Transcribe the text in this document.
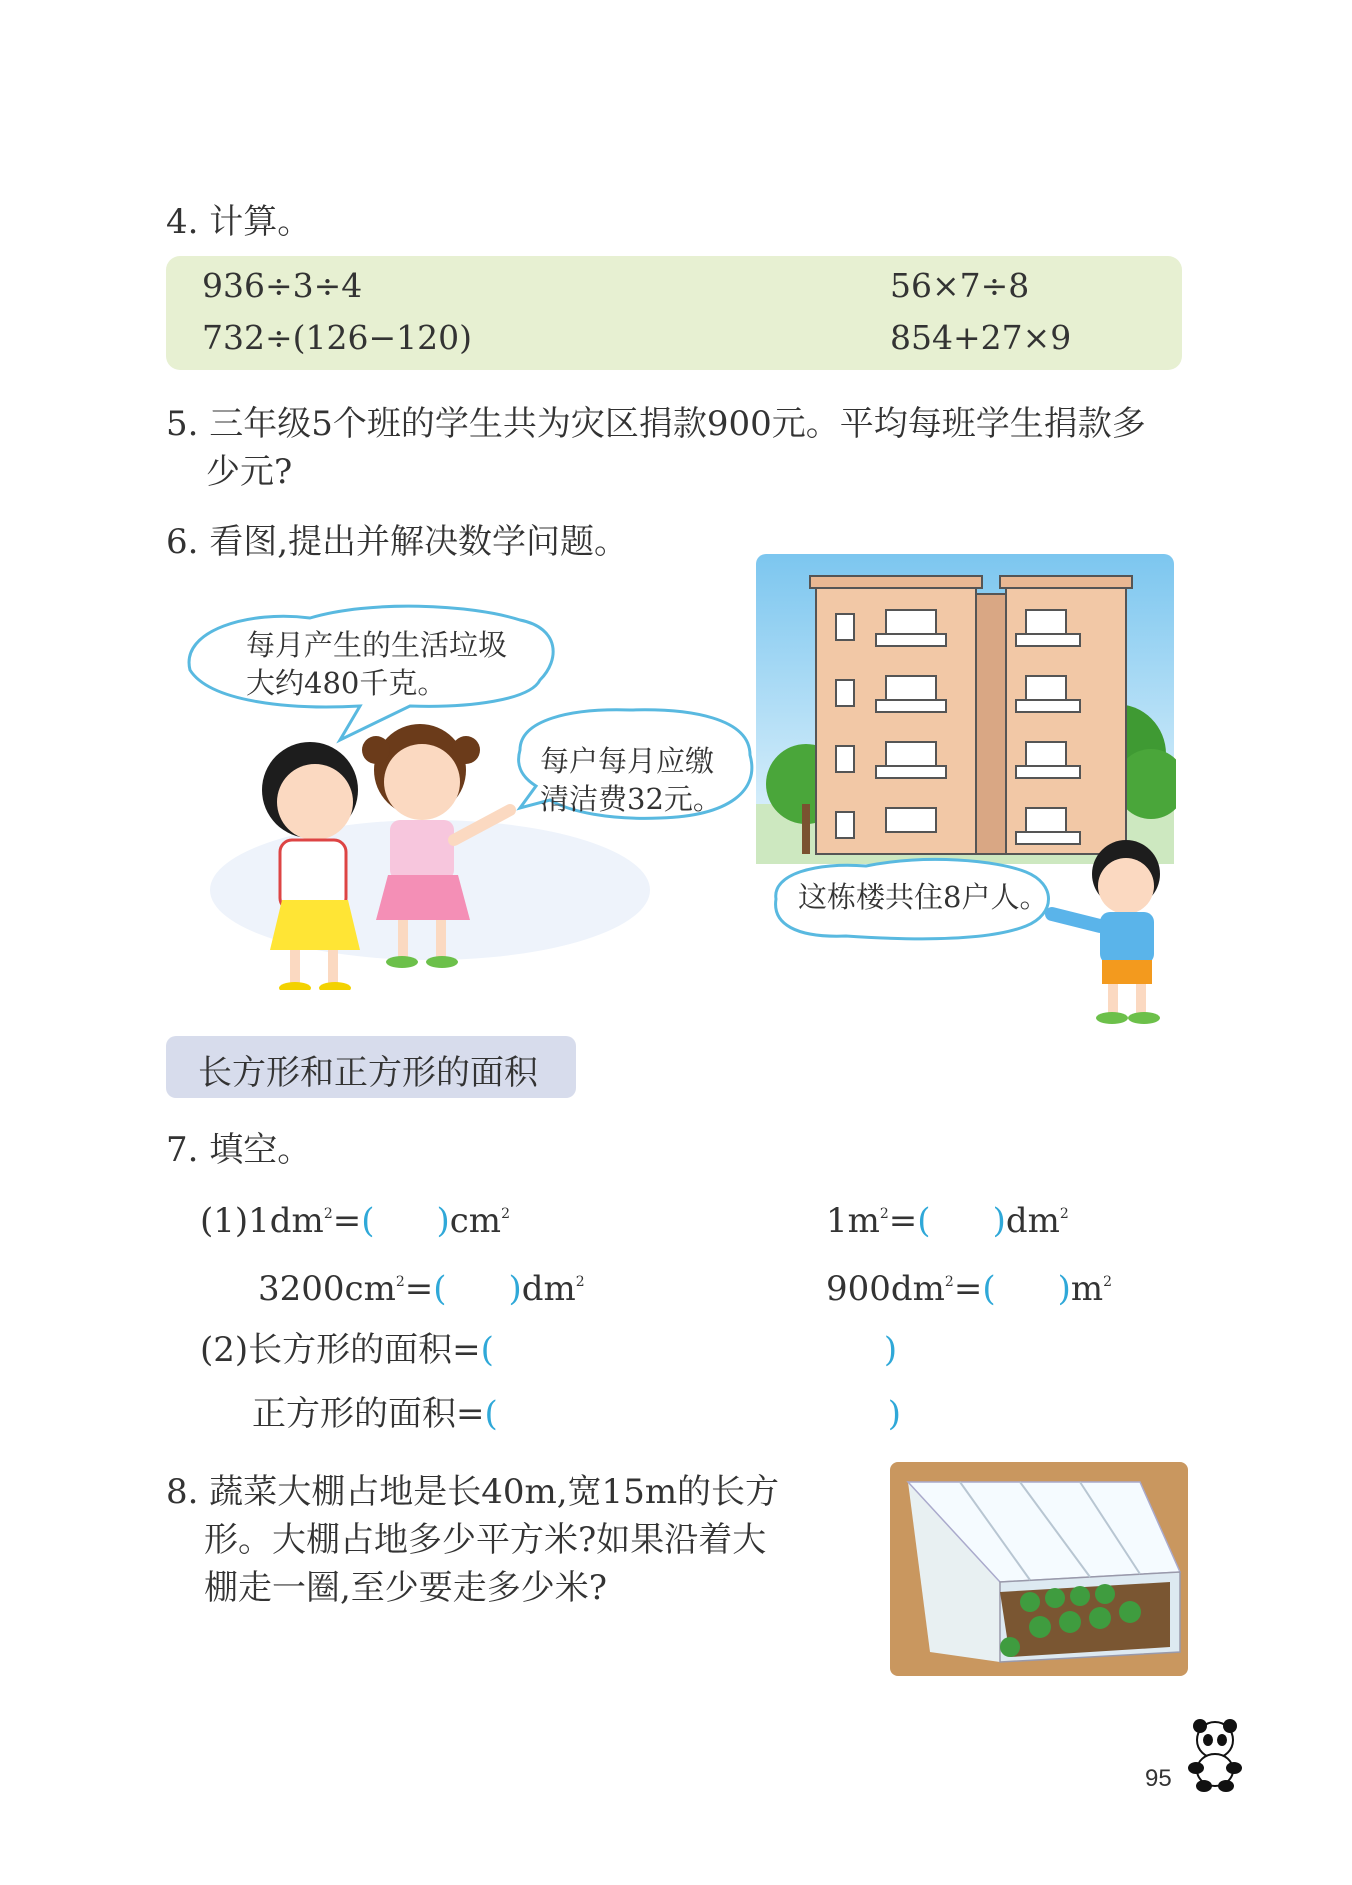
4. 计算。
936÷3÷4	56×7÷8
732÷(126−120)	854+27×9
5. 三年级5个班的学生共为灾区捐款900元。平均每班学生捐款多
少元?
6. 看图,提出并解决数学问题。
每月产生的生活垃圾
大约480千克。
每户每月应缴
清洁费32元。
这栋楼共住8户人。
长方形和正方形的面积
7. 填空。
$(1)1dm^2=$( )$cm^2$	$1m^2=$( )$dm^2$
$3200cm^2=$( )$dm^2$	$900dm^2=$( )$m^2$
(2)长方形的面积=(	)
正方形的面积=(	)
8. 蔬菜大棚占地是长40m,宽15m的长方
形。大棚占地多少平方米?如果沿着大
棚走一圈,至少要走多少米?
95
